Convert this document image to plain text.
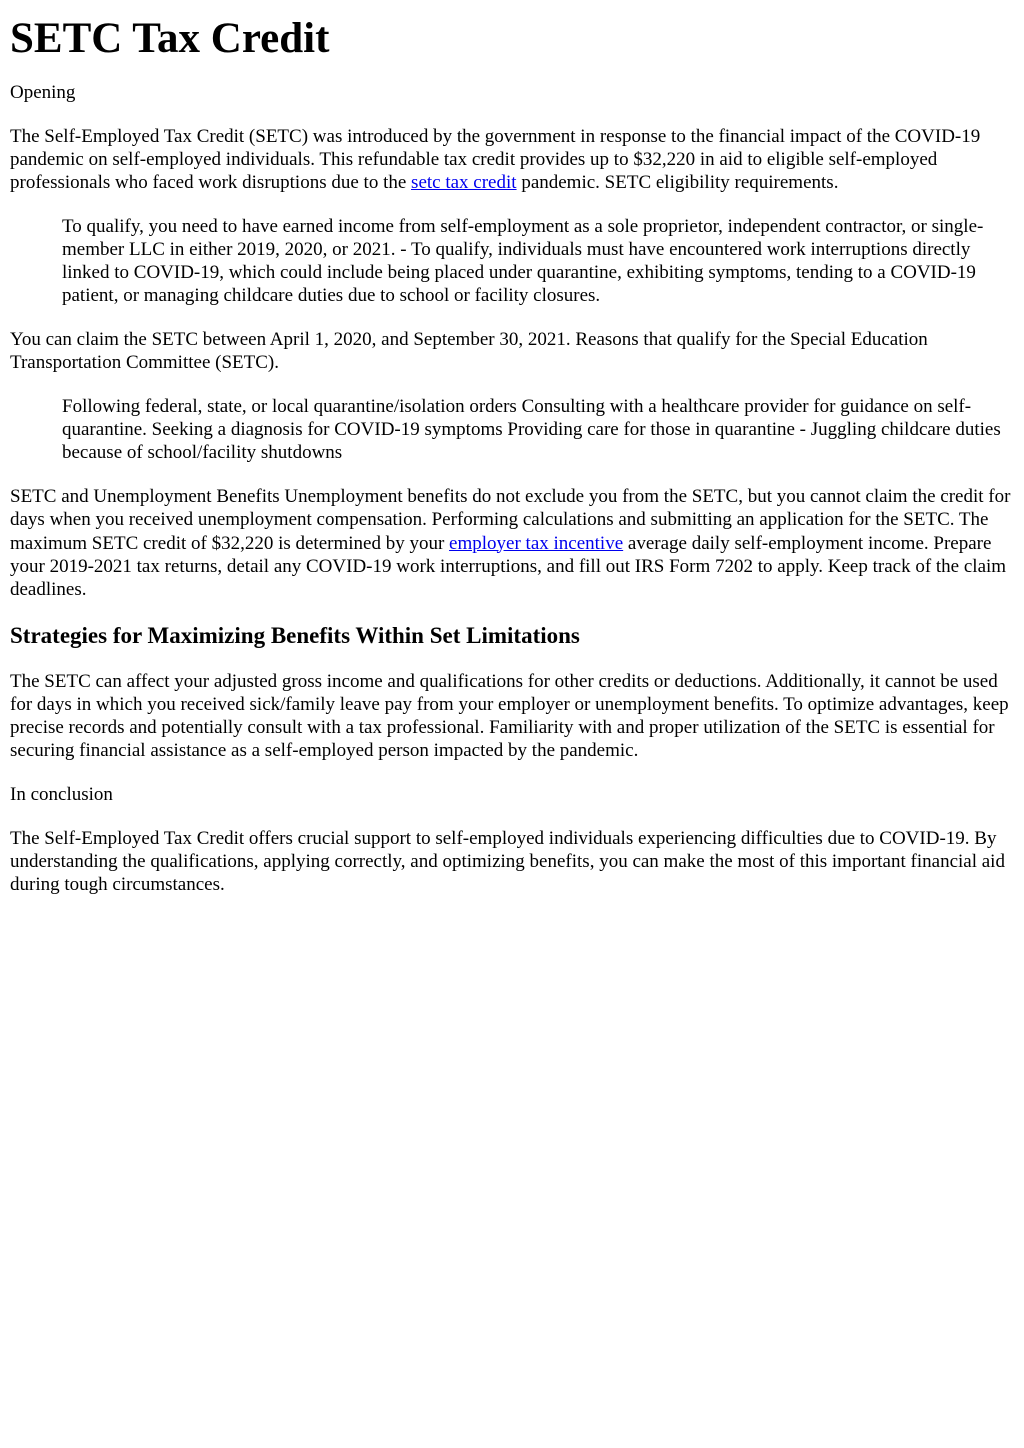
SETC Tax Credit

Opening

The Self-Employed Tax Credit (SETC) was introduced by the government in response to the financial impact of the COVID-19 pandemic on self-employed individuals. This refundable tax credit provides up to $32,220 in aid to eligible self-employed professionals who faced work disruptions due to the setc tax credit pandemic. SETC eligibility requirements.

To qualify, you need to have earned income from self-employment as a sole proprietor, independent contractor, or single-member LLC in either 2019, 2020, or 2021. - To qualify, individuals must have encountered work interruptions directly linked to COVID-19, which could include being placed under quarantine, exhibiting symptoms, tending to a COVID-19 patient, or managing childcare duties due to school or facility closures.

You can claim the SETC between April 1, 2020, and September 30, 2021. Reasons that qualify for the Special Education Transportation Committee (SETC).

Following federal, state, or local quarantine/isolation orders Consulting with a healthcare provider for guidance on self-quarantine. Seeking a diagnosis for COVID-19 symptoms Providing care for those in quarantine - Juggling childcare duties because of school/facility shutdowns

SETC and Unemployment Benefits Unemployment benefits do not exclude you from the SETC, but you cannot claim the credit for days when you received unemployment compensation. Performing calculations and submitting an application for the SETC. The maximum SETC credit of $32,220 is determined by your employer tax incentive average daily self-employment income. Prepare your 2019-2021 tax returns, detail any COVID-19 work interruptions, and fill out IRS Form 7202 to apply. Keep track of the claim deadlines.

Strategies for Maximizing Benefits Within Set Limitations

The SETC can affect your adjusted gross income and qualifications for other credits or deductions. Additionally, it cannot be used for days in which you received sick/family leave pay from your employer or unemployment benefits. To optimize advantages, keep precise records and potentially consult with a tax professional. Familiarity with and proper utilization of the SETC is essential for securing financial assistance as a self-employed person impacted by the pandemic.

In conclusion

The Self-Employed Tax Credit offers crucial support to self-employed individuals experiencing difficulties due to COVID-19. By understanding the qualifications, applying correctly, and optimizing benefits, you can make the most of this important financial aid during tough circumstances.
